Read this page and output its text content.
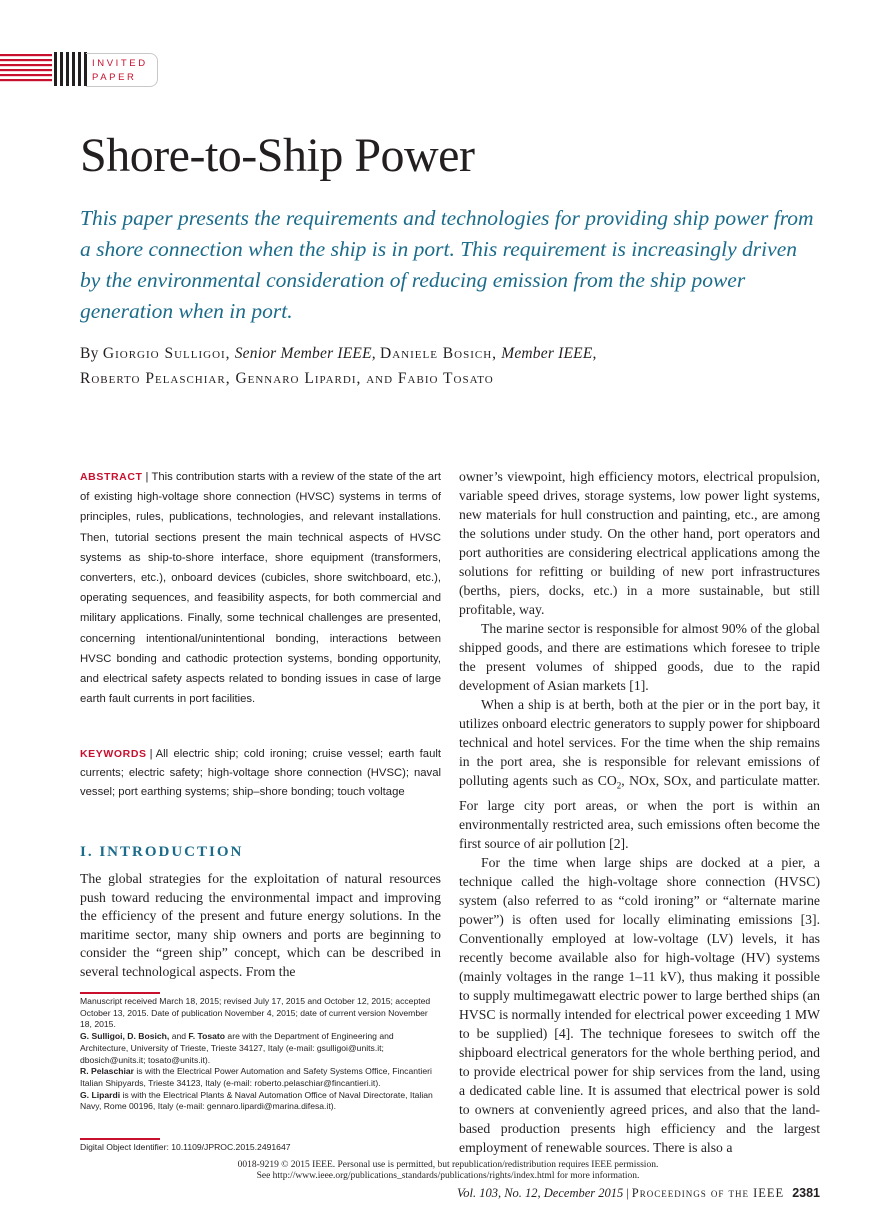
INVITED
PAPER
Shore-to-Ship Power
This paper presents the requirements and technologies for providing ship power from a shore connection when the ship is in port. This requirement is increasingly driven by the environmental consideration of reducing emission from the ship power generation when in port.
By Giorgio Sulligoi, Senior Member IEEE, Daniele Bosich, Member IEEE,
Roberto Pelaschiar, Gennaro Lipardi, and Fabio Tosato
ABSTRACT | This contribution starts with a review of the state of the art of existing high-voltage shore connection (HVSC) systems in terms of principles, rules, publications, technologies, and relevant installations. Then, tutorial sections present the main technical aspects of HVSC systems as ship-to-shore interface, shore equipment (transformers, converters, etc.), onboard devices (cubicles, shore switchboard, etc.), operating sequences, and feasibility aspects, for both commercial and military applications. Finally, some technical challenges are presented, concerning intentional/unintentional bonding, interactions between HVSC bonding and cathodic protection systems, bonding opportunity, and electrical safety aspects related to bonding issues in case of large earth fault currents in port facilities.
KEYWORDS | All electric ship; cold ironing; cruise vessel; earth fault currents; electric safety; high-voltage shore connection (HVSC); naval vessel; port earthing systems; ship–shore bonding; touch voltage
I. INTRODUCTION
The global strategies for the exploitation of natural resources push toward reducing the environmental impact and improving the efficiency of the present and future energy solutions. In the maritime sector, many ship owners and ports are beginning to consider the “green ship” concept, which can be described in several technological aspects. From the

Manuscript received March 18, 2015; revised July 17, 2015 and October 12, 2015; accepted October 13, 2015. Date of publication November 4, 2015; date of current version November 18, 2015.

G. Sulligoi, D. Bosich, and F. Tosato are with the Department of Engineering and Architecture, University of Trieste, Trieste 34127, Italy (e-mail: gsulligoi@units.it; dbosich@units.it; tosato@units.it).

R. Pelaschiar is with the Electrical Power Automation and Safety Systems Office, Fincantieri Italian Shipyards, Trieste 34123, Italy (e-mail: roberto.pelaschiar@fincantieri.it).

G. Lipardi is with the Electrical Plants & Naval Automation Office of Naval Directorate, Italian Navy, Rome 00196, Italy (e-mail: gennaro.lipardi@marina.difesa.it).

Digital Object Identifier: 10.1109/JPROC.2015.2491647

owner’s viewpoint, high efficiency motors, electrical propulsion, variable speed drives, storage systems, low power light systems, new materials for hull construction and painting, etc., are among the solutions under study. On the other hand, port operators and port authorities are considering electrical applications among the solutions for refitting or building of new port infrastructures (berths, piers, docks, etc.) in a more sustainable, but still profitable, way.

The marine sector is responsible for almost 90% of the global shipped goods, and there are estimations which foresee to triple the present volumes of shipped goods, due to the rapid development of Asian markets [1].

When a ship is at berth, both at the pier or in the port bay, it utilizes onboard electric generators to supply power for shipboard technical and hotel services. For the time when the ship remains in the port area, she is responsible for relevant emissions of polluting agents such as $CO_2$, NOx, SOx, and particulate matter. For large city port areas, or when the port is within an environmentally restricted area, such emissions often become the first source of air pollution [2].

For the time when large ships are docked at a pier, a technique called the high-voltage shore connection (HVSC) system (also referred to as “cold ironing” or “alternate marine power”) is often used for locally eliminating emissions [3]. Conventionally employed at low-voltage (LV) levels, it has recently become available also for high-voltage (HV) systems (mainly voltages in the range 1–11 kV), thus making it possible to supply multimegawatt electric power to large berthed ships (an HVSC is normally intended for electrical power exceeding 1 MW to be supplied) [4]. The technique foresees to switch off the shipboard electrical generators for the whole berthing period, and to provide electrical power for ship services from the land, using a dedicated cable line. It is assumed that electrical power is sold to owners at conveniently agreed prices, and also that the land-based production presents high efficiency and the largest employment of renewable sources. There is also a

0018-9219 © 2015 IEEE. Personal use is permitted, but republication/redistribution requires IEEE permission.
See http://www.ieee.org/publications_standards/publications/rights/index.html for more information.
Vol. 103, No. 12, December 2015 | Proceedings of the IEEE 2381
